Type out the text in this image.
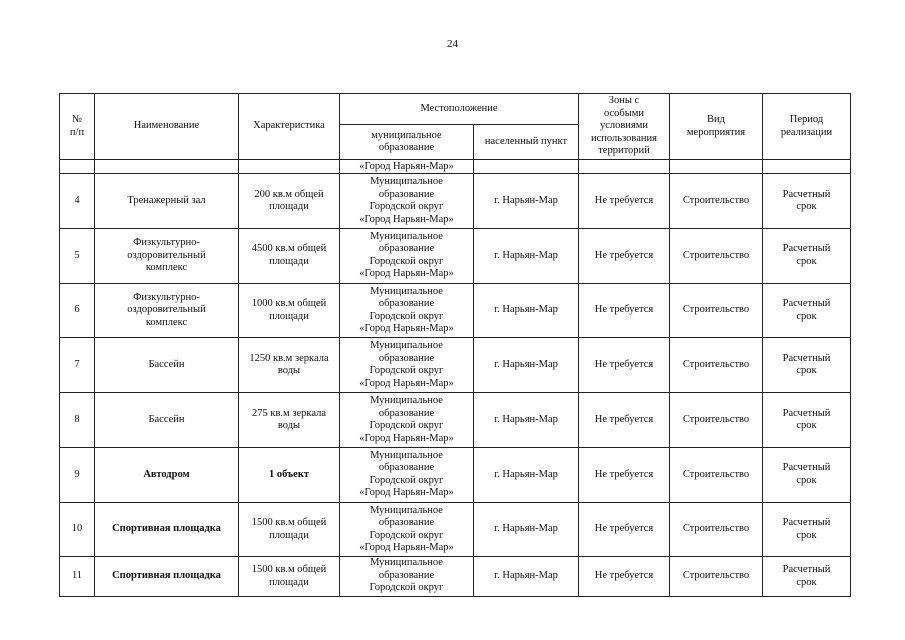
24
№
п/п	Наименование	Характеристика	Местоположение		Зоны с
особыми
условиями
использования
территорий	Вид
мероприятия	Период
реализации

			муниципальное
образование	населенный пункт			
			«Город Нарьян-Мар»				
4	Тренажерный зал	200 кв.м общей
площади	Муниципальное
образование
Городской округ
«Город Нарьян-Мар»	г. Нарьян-Мар	Не требуется	Строительство	Расчетный
срок

5	Физкультурно-
оздоровительный
комплекс	4500 кв.м общей
площади	Муниципальное
образование
Городской округ
«Город Нарьян-Мар»	г. Нарьян-Мар	Не требуется	Строительство	Расчетный
срок

6	Физкультурно-
оздоровительный
комплекс	1000 кв.м общей
площади	Муниципальное
образование
Городской округ
«Город Нарьян-Мар»	г. Нарьян-Мар	Не требуется	Строительство	Расчетный
срок

7	Бассейн	1250 кв.м зеркала
воды	Муниципальное
образование
Городской округ
«Город Нарьян-Мар»	г. Нарьян-Мар	Не требуется	Строительство	Расчетный
срок

8	Бассейн	275 кв.м зеркала
воды	Муниципальное
образование
Городской округ
«Город Нарьян-Мар»	г. Нарьян-Мар	Не требуется	Строительство	Расчетный
срок

9	Автодром	1 объект	Муниципальное
образование
Городской округ
«Город Нарьян-Мар»	г. Нарьян-Мар	Не требуется	Строительство	Расчетный
срок

10	Спортивная площадка	1500 кв.м общей
площади	Муниципальное
образование
Городской округ
«Город Нарьян-Мар»	г. Нарьян-Мар	Не требуется	Строительство	Расчетный
срок

11	Спортивная площадка	1500 кв.м общей
площади	Муниципальное
образование
Городской округ	г. Нарьян-Мар	Не требуется	Строительство	Расчетный
срок
